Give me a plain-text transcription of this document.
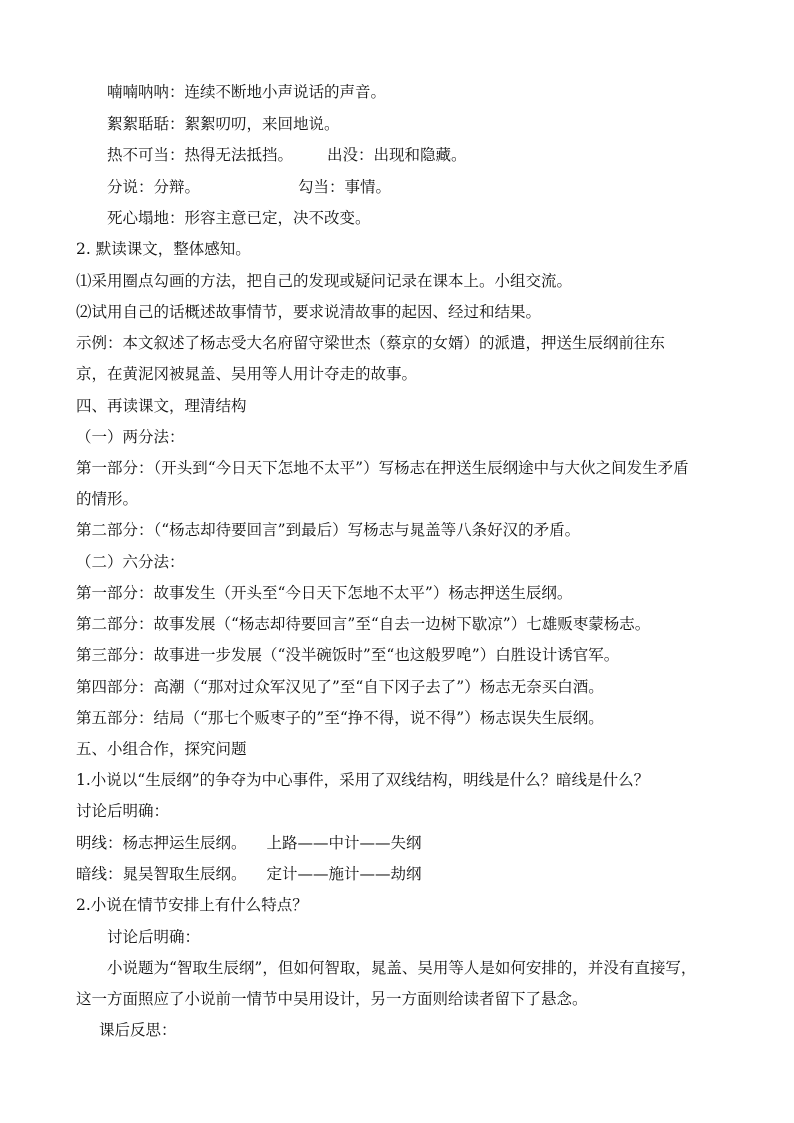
喃喃呐呐：连续不断地小声说话的声音。
絮絮聒聒：絮絮叨叨，来回地说。
热不可当：热得无法抵挡。 出没：出现和隐藏。
分说：分辩。	勾当：事情。
死心塌地：形容主意已定，决不改变。
2. 默读课文，整体感知。
⑴采用圈点勾画的方法，把自己的发现或疑问记录在课本上。小组交流。
⑵试用自己的话概述故事情节，要求说清故事的起因、经过和结果。
示例：本文叙述了杨志受大名府留守梁世杰（蔡京的女婿）的派遣，押送生辰纲前往东
京，在黄泥冈被晁盖、吴用等人用计夺走的故事。
四、再读课文，理清结构
（一）两分法：
第一部分：（开头到“今日天下怎地不太平”）写杨志在押送生辰纲途中与大伙之间发生矛盾
的情形。
第二部分：（“杨志却待要回言”到最后）写杨志与晁盖等八条好汉的矛盾。
（二）六分法：
第一部分：故事发生（开头至“今日天下怎地不太平”）杨志押送生辰纲。
第二部分：故事发展（“杨志却待要回言”至“自去一边树下歇凉”）七雄贩枣蒙杨志。
第三部分：故事进一步发展（“没半碗饭时”至“也这般罗唣”）白胜设计诱官军。
第四部分：高潮（“那对过众军汉见了”至“自下冈子去了”）杨志无奈买白酒。
第五部分：结局（“那七个贩枣子的”至“挣不得，说不得”）杨志误失生辰纲。
五、小组合作，探究问题
1.小说以“生辰纲”的争夺为中心事件，采用了双线结构，明线是什么？暗线是什么？
讨论后明确：
明线：杨志押运生辰纲。 上路——中计——失纲
暗线：晁吴智取生辰纲。 定计——施计——劫纲
2.小说在情节安排上有什么特点？
讨论后明确：
小说题为“智取生辰纲”，但如何智取，晁盖、吴用等人是如何安排的，并没有直接写，
这一方面照应了小说前一情节中吴用设计，另一方面则给读者留下了悬念。
课后反思：
